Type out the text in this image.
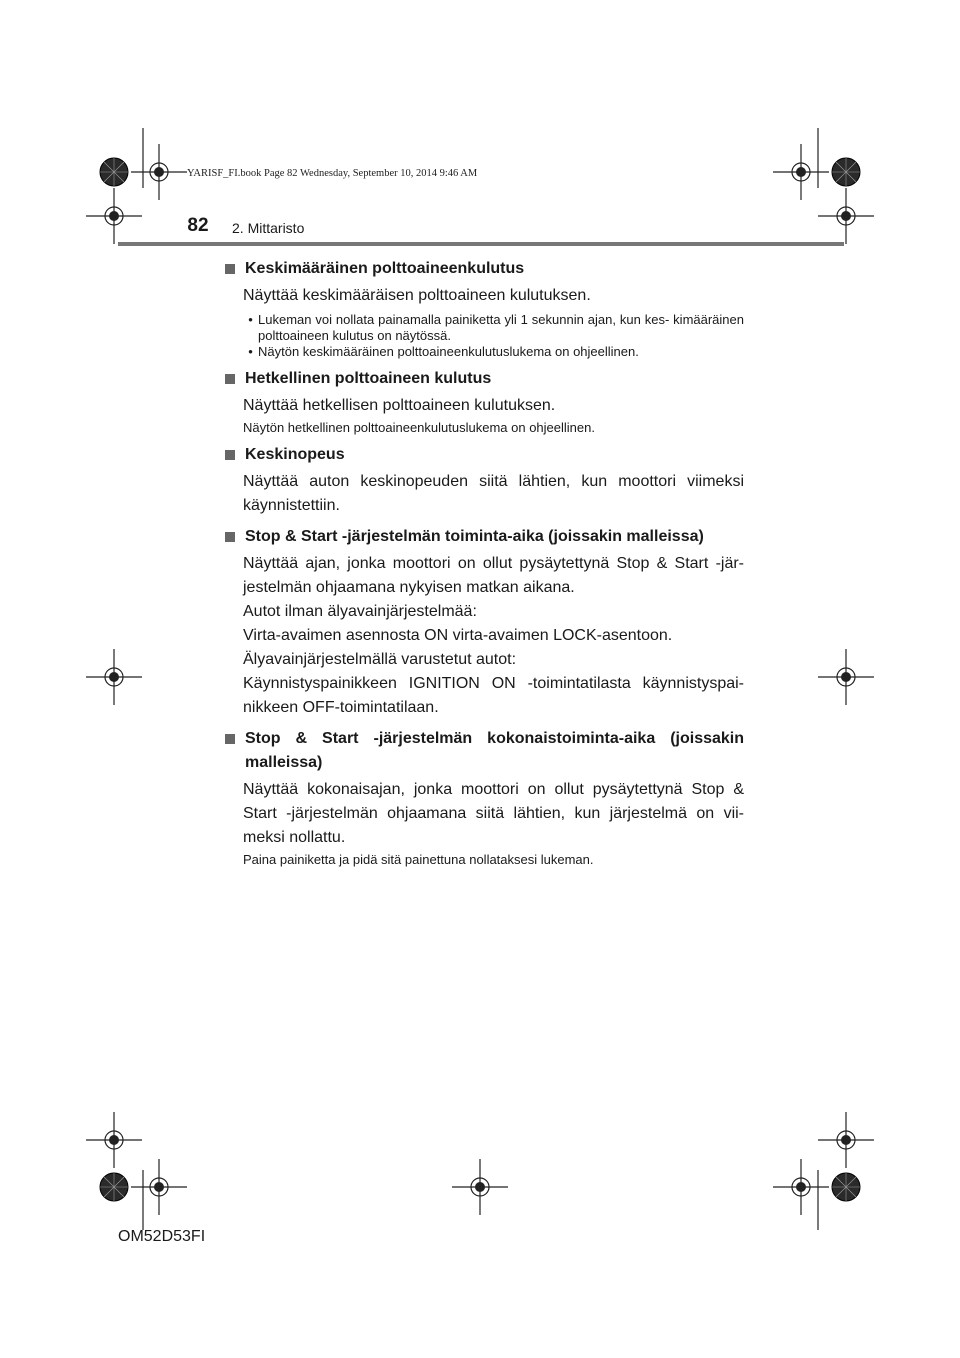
YARISF_FI.book Page 82 Wednesday, September 10, 2014 9:46 AM
82	2. Mittaristo
Keskimääräinen polttoaineenkulutus

Näyttää keskimääräisen polttoaineen kulutuksen.

• Lukeman voi nollata painamalla painiketta yli 1 sekunnin ajan, kun kes- kimääräinen polttoaineen kulutus on näytössä.
• Näytön keskimääräinen polttoaineenkulutuslukema on ohjeellinen.
Hetkellinen polttoaineen kulutus

Näyttää hetkellisen polttoaineen kulutuksen.

Näytön hetkellinen polttoaineenkulutuslukema on ohjeellinen.
Keskinopeus

Näyttää auton keskinopeuden siitä lähtien, kun moottori viimeksi käynnistettiin.

Stop & Start -järjestelmän toiminta-aika (joissakin malleissa)

Näyttää ajan, jonka moottori on ollut pysäytettynä Stop & Start -jär- jestelmän ohjaamana nykyisen matkan aikana.

Autot ilman älyavainjärjestelmää:

Virta-avaimen asennosta ON virta-avaimen LOCK-asentoon.

Älyavainjärjestelmällä varustetut autot:

Käynnistyspainikkeen IGNITION ON -toimintatilasta käynnistyspai- nikkeen OFF-toimintatilaan.

Stop & Start -järjestelmän kokonaistoiminta-aika (joissakin malleissa)

Näyttää kokonaisajan, jonka moottori on ollut pysäytettynä Stop & Start -järjestelmän ohjaamana siitä lähtien, kun järjestelmä on vii- meksi nollattu.

Paina painiketta ja pidä sitä painettuna nollataksesi lukeman.
OM52D53FI
